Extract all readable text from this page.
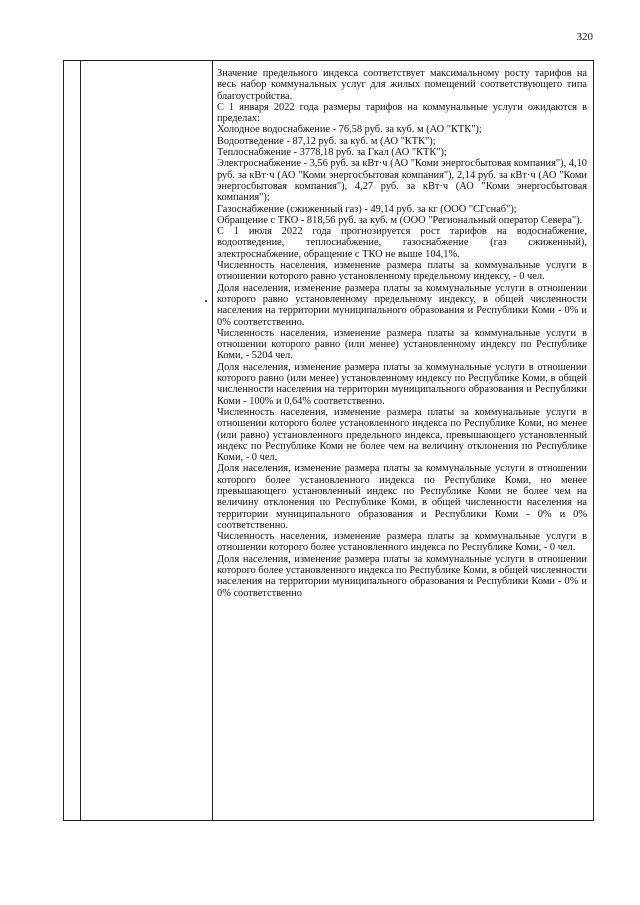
320

Значение предельного индекса соответствует максимальному росту тарифов на весь набор коммунальных услуг для жилых помещений соответствующего типа благоустройства.

С 1 января 2022 года размеры тарифов на коммунальные услуги ожидаются в пределах:

Холодное водоснабжение - 76,58 руб. за куб. м (АО "КТК");

Водоотведение - 87,12 руб. за куб. м (АО "КТК");

Теплоснабжение - 3778,18 руб. за Гкал (АО "КТК");

Электроснабжение - 3,56 руб. за кВт·ч (АО "Коми энергосбытовая компания"), 4,10 руб. за кВт·ч (АО "Коми энергосбытовая компания"), 2,14 руб. за кВт·ч (АО "Коми энергосбытовая компания"), 4,27 руб. за кВт·ч (АО "Коми энергосбытовая компания");

Газоснабжение (сжиженный газ) - 49,14 руб. за кг (ООО "СГснаб");

Обращение с ТКО - 818,56 руб. за куб. м (ООО "Региональный оператор Севера").

С 1 июля 2022 года прогнозируется рост тарифов на водоснабжение, водоотведение, теплоснабжение, газоснабжение (газ сжиженный), электроснабжение, обращение с ТКО не выше 104,1%.

Численность населения, изменение размера платы за коммунальные услуги в отношении которого равно установленному предельному индексу, - 0 чел.

Доля населения, изменение размера платы за коммунальные услуги в отношении которого равно установленному предельному индексу, в общей численности населения на территории муниципального образования и Республики Коми - 0% и 0% соответственно.

Численность населения, изменение размера платы за коммунальные услуги в отношении которого равно (или менее) установленному индексу по Республике Коми, - 5204 чел.

Доля населения, изменение размера платы за коммунальные услуги в отношении которого равно (или менее) установленному индексу по Республике Коми, в общей численности населения на территории муниципального образования и Республики Коми - 100% и 0,64% соответственно.

Численность населения, изменение размера платы за коммунальные услуги в отношении которого более установленного индекса по Республике Коми, но менее (или равно) установленного предельного индекса, превышающего установленный индекс по Республике Коми не более чем на величину отклонения по Республике Коми, - 0 чел.

Доля населения, изменение размера платы за коммунальные услуги в отношении которого более установленного индекса по Республике Коми, но менее превышающего установленный индекс по Республике Коми не более чем на величину отклонения по Республике Коми, в общей численности населения на территории муниципального образования и Республики Коми - 0% и 0% соответственно.

Численность населения, изменение размера платы за коммунальные услуги в отношении которого более установленного индекса по Республике Коми, - 0 чел.

Доля населения, изменение размера платы за коммунальные услуги в отношении которого более установленного индекса по Республике Коми, в общей численности населения на территории муниципального образования и Республики Коми - 0% и 0% соответственно
